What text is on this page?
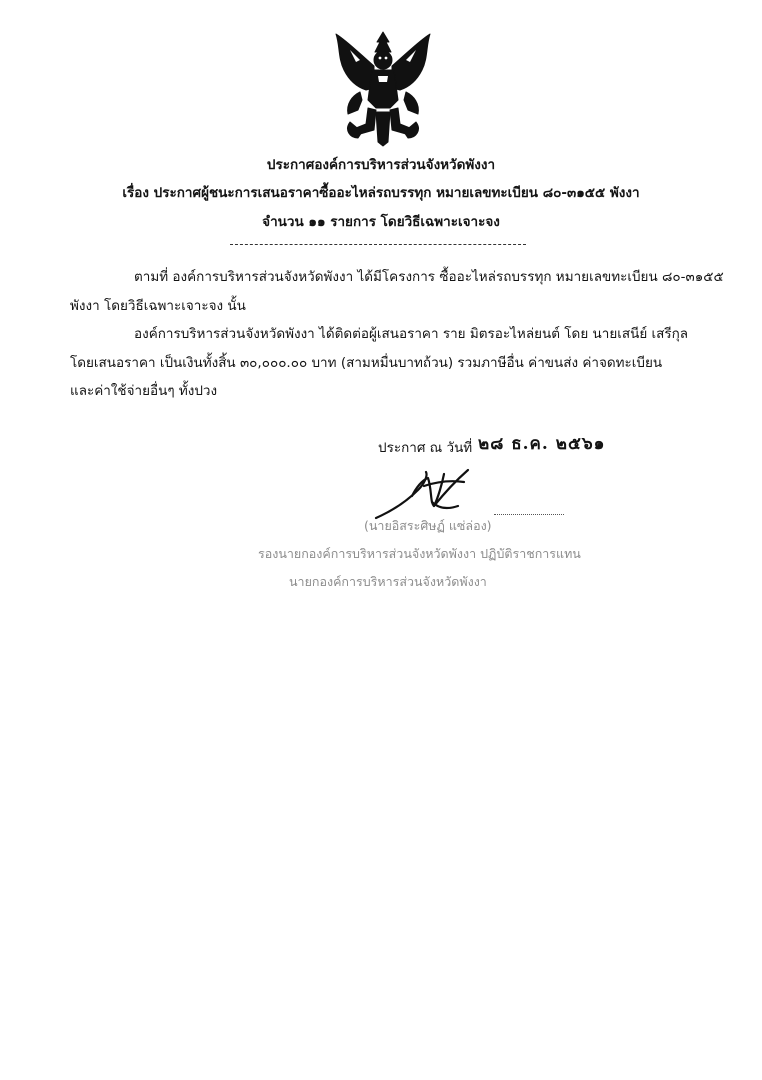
ประกาศองค์การบริหารส่วนจังหวัดพังงา
เรื่อง ประกาศผู้ชนะการเสนอราคาซื้ออะไหล่รถบรรทุก หมายเลขทะเบียน ๘๐-๓๑๕๕ พังงา
จำนวน ๑๑ รายการ โดยวิธีเฉพาะเจาะจง
ตามที่ องค์การบริหารส่วนจังหวัดพังงา ได้มีโครงการ ซื้ออะไหล่รถบรรทุก หมายเลขทะเบียน ๘๐-๓๑๕๕
พังงา โดยวิธีเฉพาะเจาะจง นั้น
องค์การบริหารส่วนจังหวัดพังงา ได้ติดต่อผู้เสนอราคา ราย มิตรอะไหล่ยนต์ โดย นายเสนีย์ เสรีกุล
โดยเสนอราคา เป็นเงินทั้งสิ้น ๓๐,๐๐๐.๐๐ บาท (สามหมื่นบาทถ้วน) รวมภาษีอื่น ค่าขนส่ง ค่าจดทะเบียน
และค่าใช้จ่ายอื่นๆ ทั้งปวง
ประกาศ ณ วันที่ ๒๘ ธ.ค. ๒๕๖๑
(นายอิสระศิษฏ์ แซ่ล่อง)
รองนายกองค์การบริหารส่วนจังหวัดพังงา ปฏิบัติราชการแทน
นายกองค์การบริหารส่วนจังหวัดพังงา
